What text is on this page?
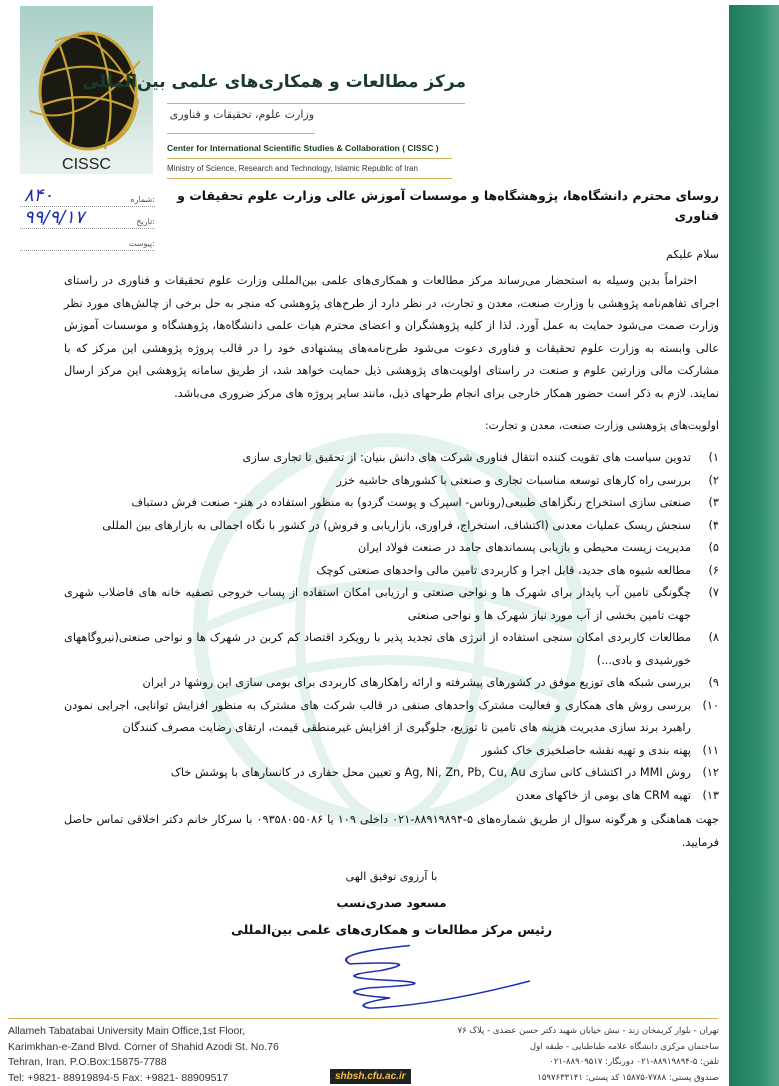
CISSC
مرکز مطالعات و همکاری‌های علمی بین‌المللی
وزارت علوم، تحقیقات و فناوری
Center for International Scientific Studies & Collaboration ( CISSC )
Ministry of Science, Research and Technology, Islamic Republic of Iran
۸۴۰	شماره:
۹۹/۹/۱۷	تاریخ:
پیوست:
روسای محترم دانشگاه‌ها، پژوهشگاه‌ها و موسسات آموزش عالی وزارت علوم تحقیقات و فناوری
سلام علیکم
احتراماً بدین وسیله به استحضار می‌رساند مرکز مطالعات و همکاری‌های علمی بین‌المللی وزارت علوم تحقیقات و فناوری در راستای اجرای تفاهم‌نامه پژوهشی با وزارت صنعت، معدن و تجارت، در نظر دارد از طرح‌های پژوهشی که منجر به حل برخی از چالش‌های مورد نظر وزارت صمت می‌شود حمایت به عمل آورد. لذا از کلیه پژوهشگران و اعضای محترم هیات علمی دانشگاه‌ها، پژوهشگاه و موسسات آموزش عالی وابسته به وزارت علوم تحقیقات و فناوری دعوت می‌شود طرح‌نامه‌های پیشنهادی خود را در قالب پروژه پژوهشی این مرکز که با مشارکت مالی وزارتین علوم و صنعت در راستای اولویت‌های پژوهشی ذیل حمایت خواهد شد، از طریق سامانه پژوهشی این مرکز ارسال نمایند. لازم به ذکر است حضور همکار خارجی برای انجام طرحهای ذیل، مانند سایر پروژه های مرکز ضروری می‌باشد.
اولویت‌های پژوهشی وزارت صنعت، معدن و تجارت:
۱)
تدوین سیاست های تقویت کننده انتقال فناوری شرکت های دانش بنیان: از تحقیق تا تجاری سازی
۲)
بررسی راه کارهای توسعه مناسبات تجاری و صنعتی با کشورهای حاشیه خزر
۳)
صنعتی سازی استخراج رنگزاهای طبیعی(روناس- اسپرک و پوست گردو) به منظور استفاده در هنر- صنعت فرش دستباف
۴)
سنجش ریسک عملیات معدنی (اکتشاف، استخراج، فراوری، بازاریابی و فروش) در کشور با نگاه اجمالی به بازارهای بین المللی
۵)
مدیریت زیست محیطی و بازیابی پسماندهای جامد در صنعت فولاد ایران
۶)
مطالعه شیوه های جدید، قابل اجرا و کاربردی تامین مالی واحدهای صنعتی کوچک
۷)
چگونگی تامین آب پایدار برای شهرک ها و نواحی صنعتی و ارزیابی امکان استفاده از پساب خروجی تصفیه خانه های فاضلاب شهری جهت تامین بخشی از آب مورد نیاز شهرک ها و نواحی صنعتی
۸)
مطالعات کاربردی امکان سنجی استفاده از انرژی های تجدید پذیر با رویکرد اقتصاد کم کربن در شهرک ها و نواحی صنعتی(نیروگاههای خورشیدی و بادی...)
۹)
بررسی شبکه های توزیع موفق در کشورهای پیشرفته و ارائه راهکارهای کاربردی برای بومی سازی این روشها در ایران
۱۰)
بررسی روش های همکاری و فعالیت مشترک واحدهای صنفی در قالب شرکت های مشترک به منظور افزایش توانایی، اجرایی نمودن راهبرد برند سازی مدیریت هزینه های تامین تا توزیع، جلوگیری از افزایش غیرمنطقی قیمت، ارتقای رضایت مصرف کنندگان
۱۱)
پهنه بندی و تهیه نقشه حاصلخیزی خاک کشور
۱۲)
روش MMI در اکتشاف کانی سازی Ag, Ni, Zn, Pb, Cu, Au و تعیین محل حفاری در کانسارهای با پوشش خاک
۱۳)
تهیه CRM های بومی از خاکهای معدن
جهت هماهنگی و هرگونه سوال از طریق شماره‌های ۵-۸۸۹۱۹۸۹۴-۰۲۱ داخلی ۱۰۹ یا ۰۹۳۵۸۰۵۵۰۸۶ با سرکار خانم دکتر اخلاقی تماس حاصل فرمایید.
با آرزوی توفیق الهی
مسعود صدری‌نسب
رئیس مرکز مطالعات و همکاری‌های علمی بین‌المللی
Allameh Tabatabai University Main Office,1st Floor,
Karimkhan-e-Zand Blvd. Corner of Shahid Azodi St. No.76
Tehran, Iran. P.O.Box:15875-7788
Tel: +9821- 88919894-5 Fax: +9821- 88909517
تهران - بلوار کریمخان زند - نبش خیابان شهید دکتر حسن عضدی - پلاک ۷۶
ساختمان مرکزی دانشگاه علامه طباطبایی - طبقه اول
تلفن: ۵-۸۸۹۱۹۸۹۴-۰۲۱ دورنگار: ۸۸۹۰۹۵۱۷-۰۲۱
صندوق پستی: ۷۷۸۸-۱۵۸۷۵ کد پستی: ۱۵۹۷۶۳۳۱۴۱
shbsh.cfu.ac.ir
